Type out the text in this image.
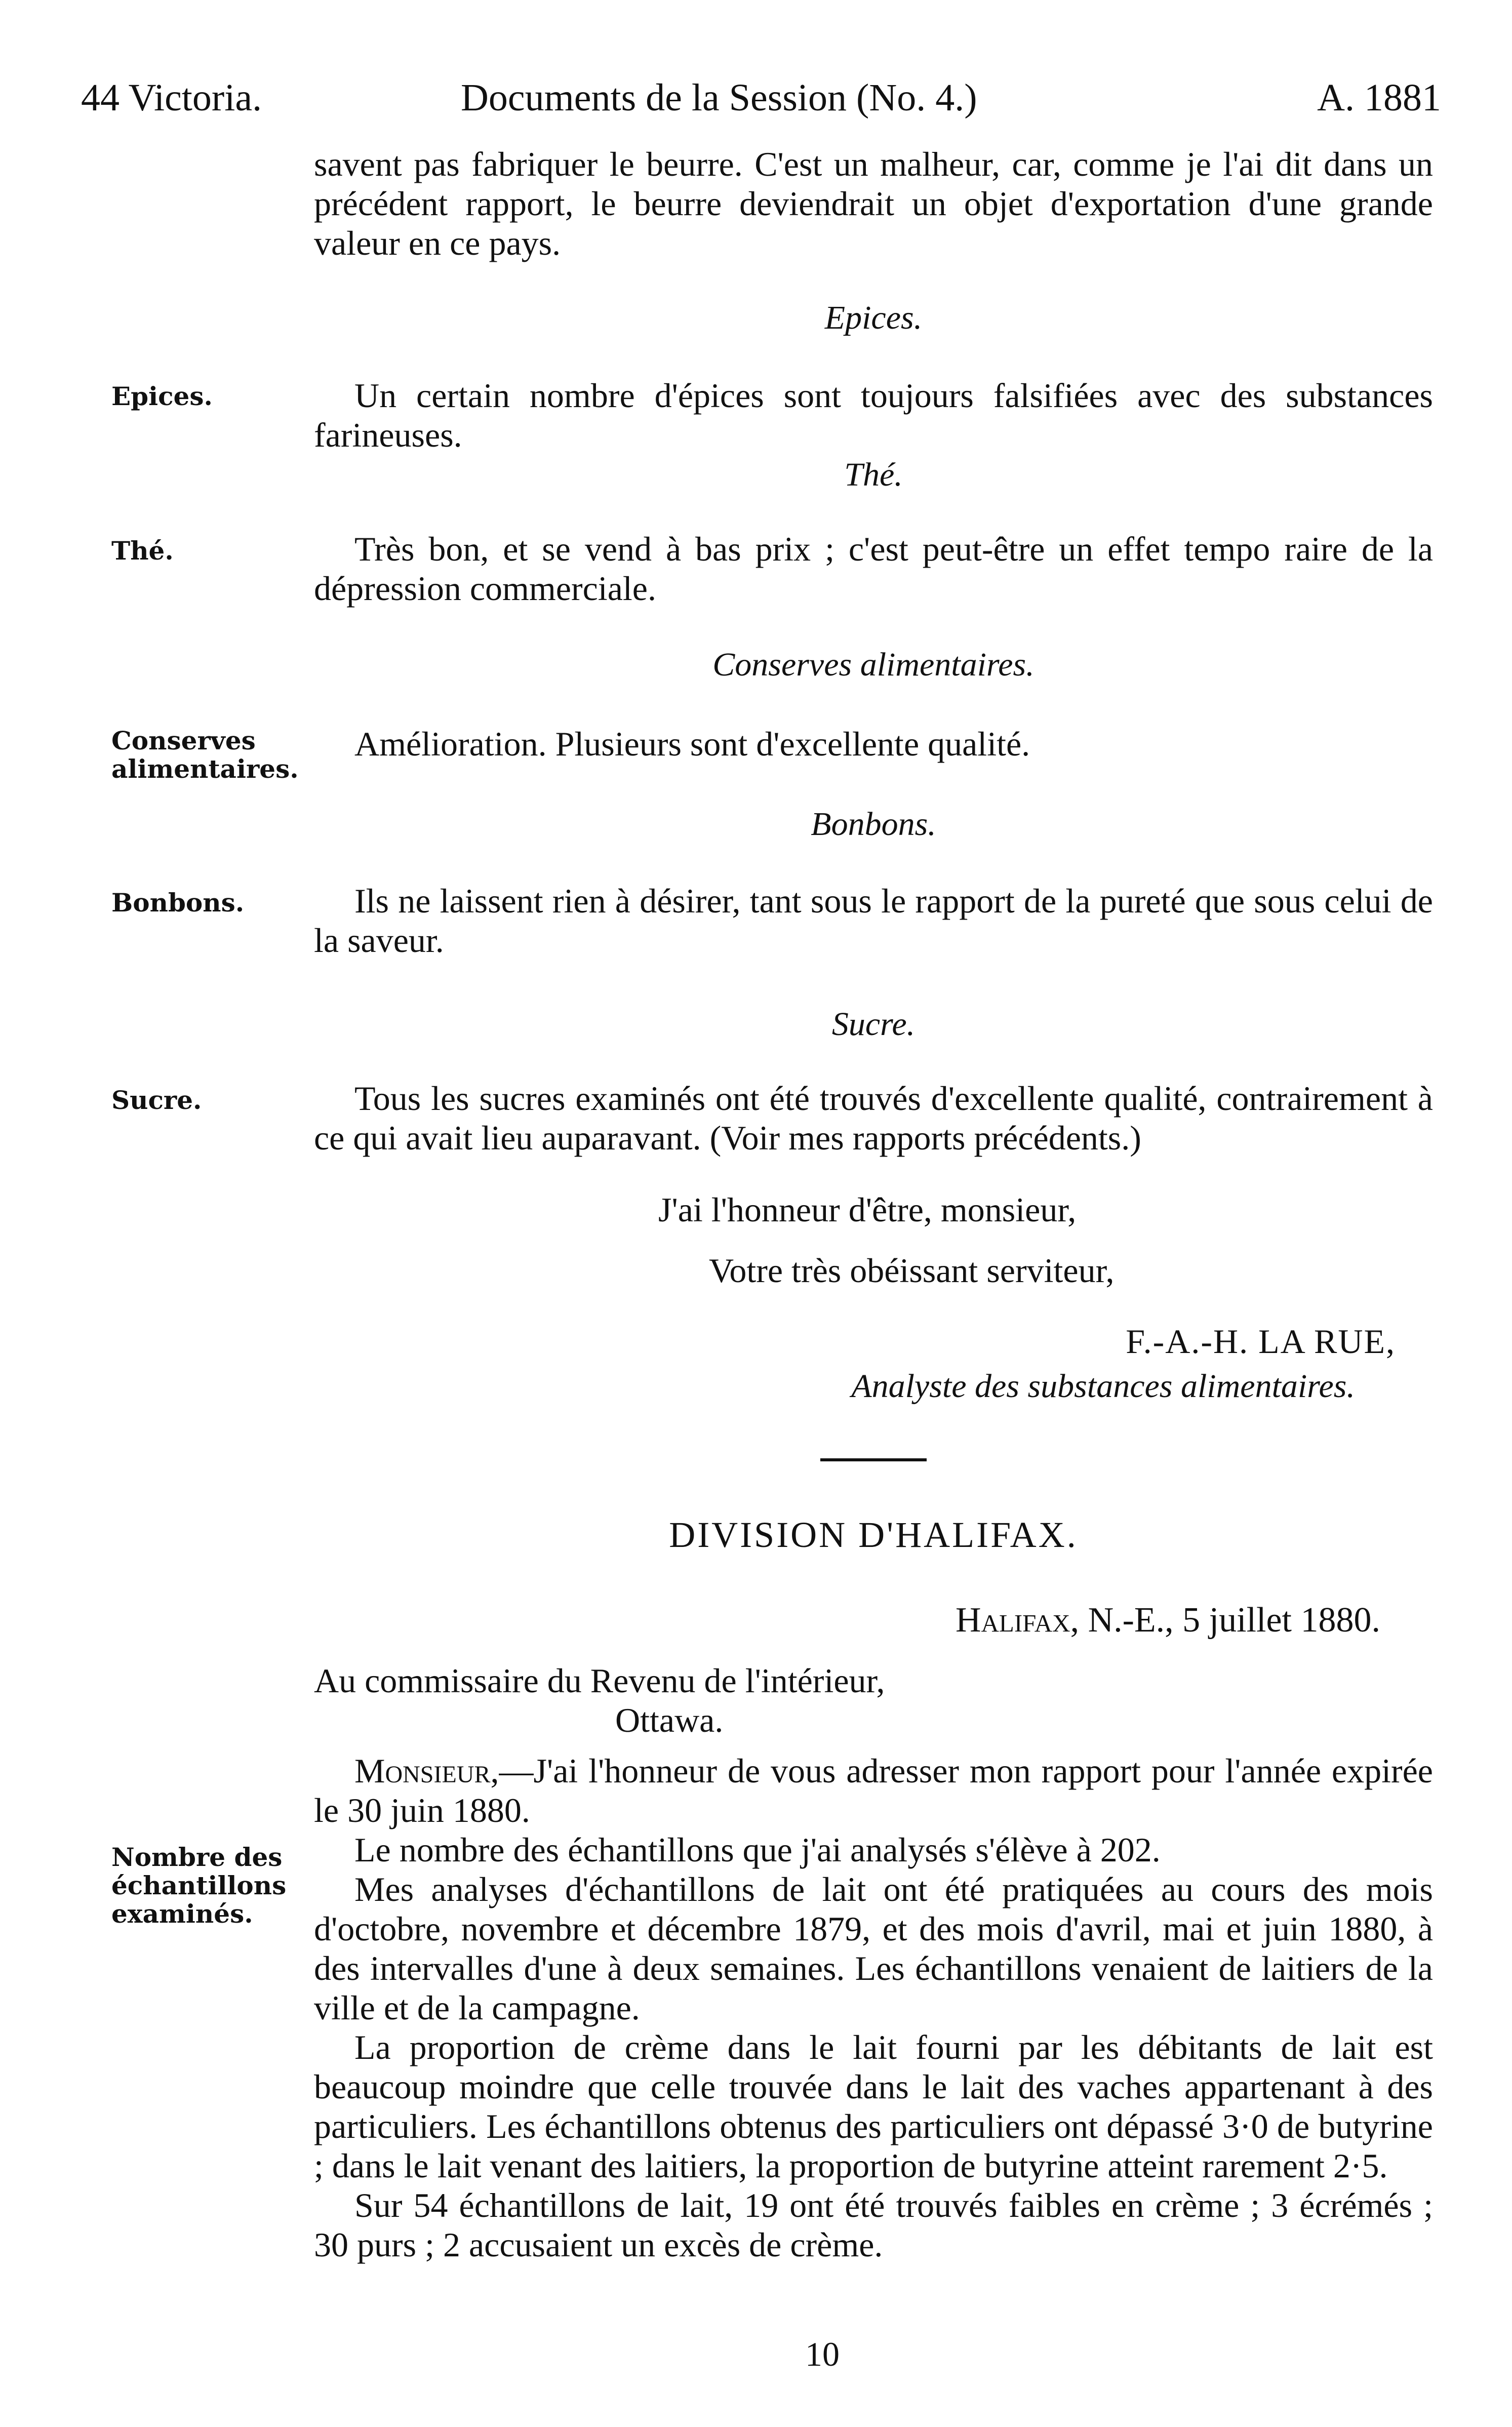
44 Victoria.	Documents de la Session (No. 4.)	A. 1881

savent pas fabriquer le beurre. C'est un malheur, car, comme je l'ai dit dans un précédent rapport, le beurre deviendrait un objet d'exportation d'une grande valeur en ce pays.

Epices.
Epices.	Un certain nombre d'épices sont toujours falsifiées avec des substances farineuses.

Thé.
Thé.	Très bon, et se vend à bas prix ; c'est peut-être un effet tempo raire de la dépression commerciale.

Conserves alimentaires.
Conserves alimentaires.

Amélioration. Plusieurs sont d'excellente qualité.

Bonbons.
Bonbons.	Ils ne laissent rien à désirer, tant sous le rapport de la pureté que sous celui de la saveur.

Sucre.
Sucre.	Tous les sucres examinés ont été trouvés d'excellente qualité, contrairement à ce qui avait lieu auparavant. (Voir mes rapports précédents.)

J'ai l'honneur d'être, monsieur,
Votre très obéissant serviteur,
F.-A.-H. LA RUE,
Analyste des substances alimentaires.
DIVISION D'HALIFAX.
Halifax, N.-E., 5 juillet 1880.
Au commissaire du Revenu de l'intérieur,
Ottawa.

Monsieur,—J'ai l'honneur de vous adresser mon rapport pour l'année expirée le 30 juin 1880.

Le nombre des échantillons que j'ai analysés s'élève à 202.

Mes analyses d'échantillons de lait ont été pratiquées au cours des mois d'octobre, novembre et décembre 1879, et des mois d'avril, mai et juin 1880, à des intervalles d'une à deux semaines. Les échantillons venaient de laitiers de la ville et de la campagne.

La proportion de crème dans le lait fourni par les débitants de lait est beaucoup moindre que celle trouvée dans le lait des vaches appartenant à des particuliers. Les échantillons obtenus des particuliers ont dépassé 3·0 de butyrine ; dans le lait venant des laitiers, la proportion de butyrine atteint rarement 2·5.

Sur 54 échantillons de lait, 19 ont été trouvés faibles en crème ; 3 écrémés ; 30 purs ; 2 accusaient un excès de crème.

Nombre des échantillons examinés.
10
